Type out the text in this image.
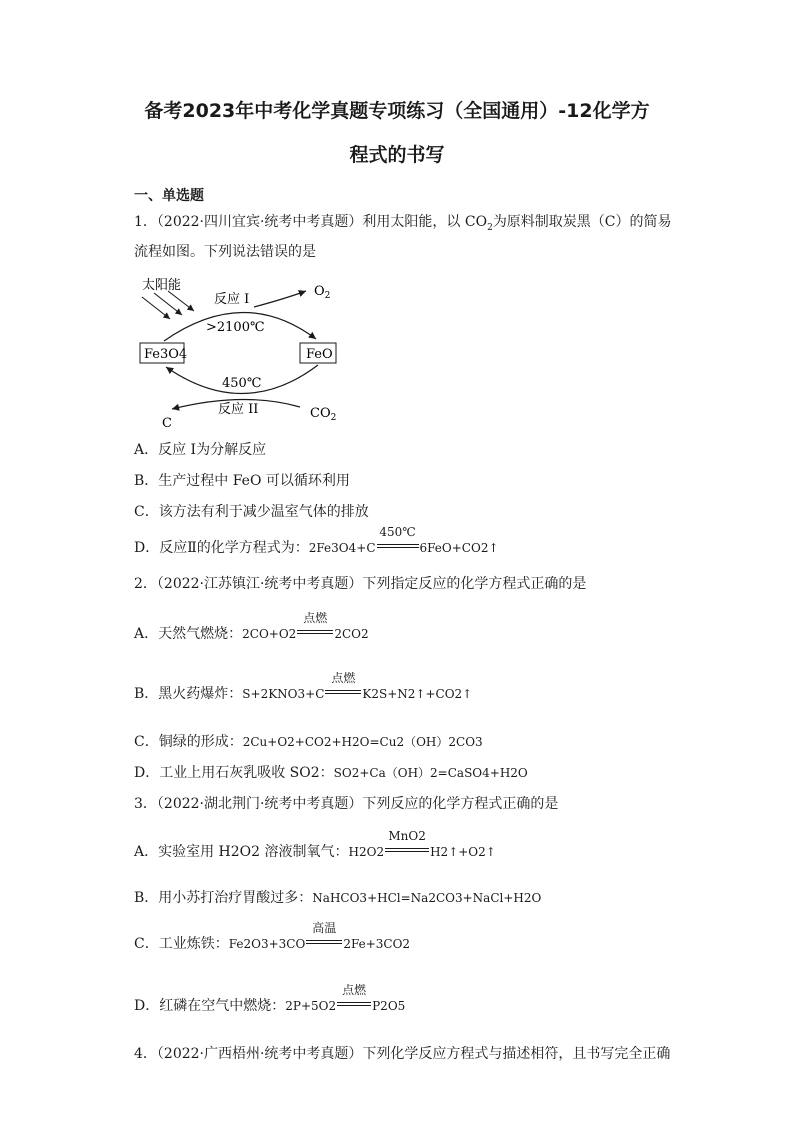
备考2023年中考化学真题专项练习（全国通用）-12化学方
程式的书写
一、单选题
1．（2022·四川宜宾·统考中考真题）利用太阳能，以 $CO_2$为原料制取炭黑（C）的简易
流程如图。下列说法错误的是
太阳能	$O_2$
反应 I
>2100℃
Fe3O4	FeO
450℃
反应 II
C
$CO_2$
A．反应 I为分解反应
B．生产过程中 FeO 可以循环利用
C．该方法有利于减少温室气体的排放
D．反应Ⅱ的化学方程式为：2Fe3O4+C
450℃
6FeO+CO2↑
2．（2022·江苏镇江·统考中考真题）下列指定反应的化学方程式正确的是
A．天然气燃烧：2CO+O2
点燃
2CO2
B．黑火药爆炸：S+2KNO3+C
点燃
K2S+N2↑+CO2↑
C．铜绿的形成：2Cu+O2+CO2+H2O=Cu2（OH）2CO3
D．工业上用石灰乳吸收 SO2：SO2+Ca（OH）2=CaSO4+H2O
3．（2022·湖北荆门·统考中考真题）下列反应的化学方程式正确的是
A．实验室用 H2O2 溶液制氧气：H2O2
MnO2
H2↑+O2↑
B．用小苏打治疗胃酸过多：NaHCO3+HCl=Na2CO3+NaCl+H2O
C．工业炼铁：Fe2O3+3CO
高温
2Fe+3CO2
D．红磷在空气中燃烧：2P+5O2
点燃
P2O5
4．（2022·广西梧州·统考中考真题）下列化学反应方程式与描述相符，且书写完全正确
